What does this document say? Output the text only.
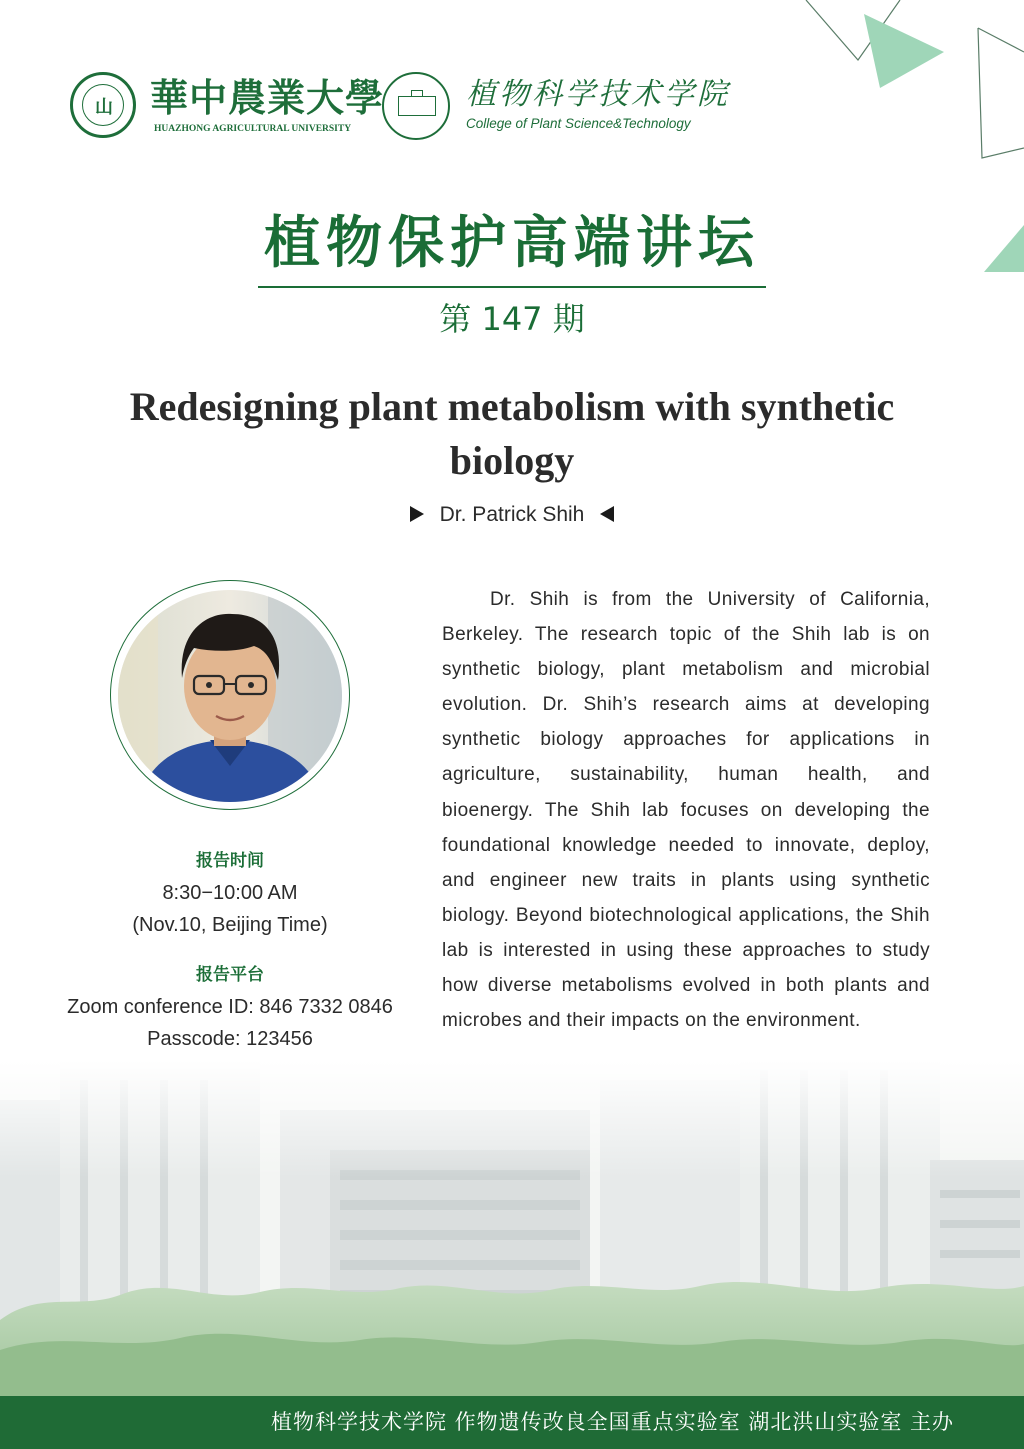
山 華中農業大學
HUAZHONG AGRICULTURAL UNIVERSITY
植物科学技术学院
College of Plant Science&Technology
植物保护高端讲坛
第 147 期
Redesigning plant metabolism with synthetic biology
Dr. Patrick Shih
报告时间
8:30−10:00 AM
(Nov.10, Beijing Time)
报告平台
Zoom conference ID: 846 7332 0846
Passcode: 123456
Dr. Shih is from the University of California, Berkeley. The research topic of the Shih lab is on synthetic biology, plant metabolism and microbial evolution. Dr. Shih’s research aims at developing synthetic biology approaches for applications in agriculture, sustainability, human health, and bioenergy. The Shih lab focuses on developing the foundational knowledge needed to innovate, deploy, and engineer new traits in plants using synthetic biology. Beyond biotechnological applications, the Shih lab is interested in using these approaches to study how diverse metabolisms evolved in both plants and microbes and their impacts on the environment.
植物科学技术学院 作物遗传改良全国重点实验室 湖北洪山实验室 主办
